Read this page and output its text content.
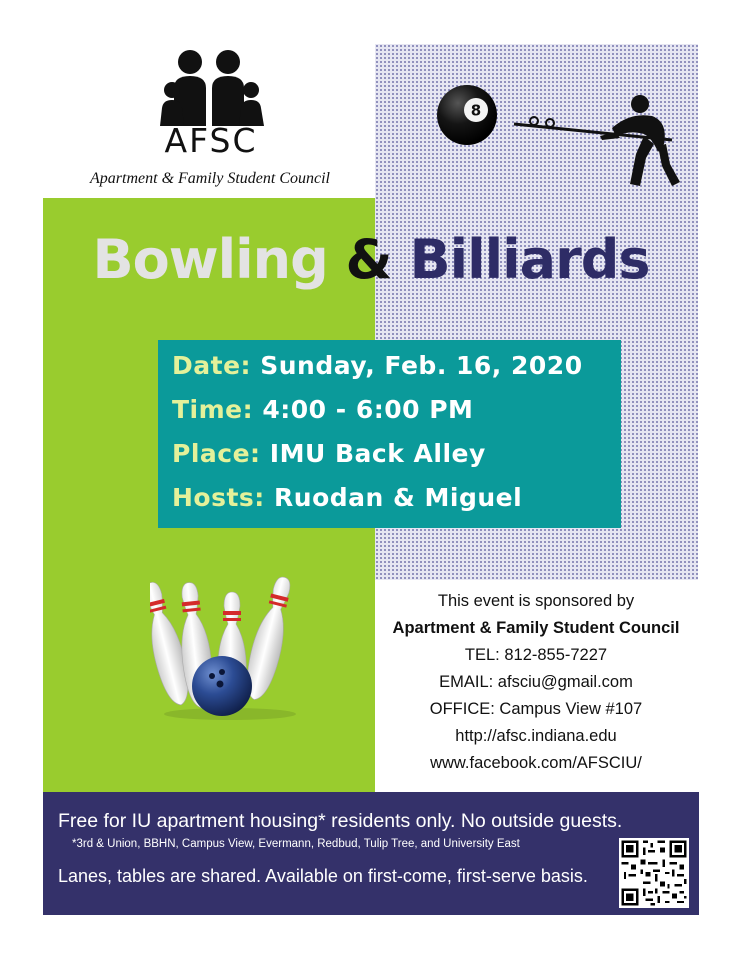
AFSC
Apartment & Family Student Council
8
Bowling & Billiards
Date: Sunday, Feb. 16, 2020
Time: 4:00 - 6:00 PM
Place: IMU Back Alley
Hosts: Ruodan & Miguel
This event is sponsored by
Apartment & Family Student Council
TEL: 812-855-7227
EMAIL: afsciu@gmail.com
OFFICE: Campus View #107
http://afsc.indiana.edu
www.facebook.com/AFSCIU/
Free for IU apartment housing* residents only. No outside guests.
*3rd & Union, BBHN, Campus View, Evermann, Redbud, Tulip Tree, and University East
Lanes, tables are shared. Available on first-come, first-serve basis.
